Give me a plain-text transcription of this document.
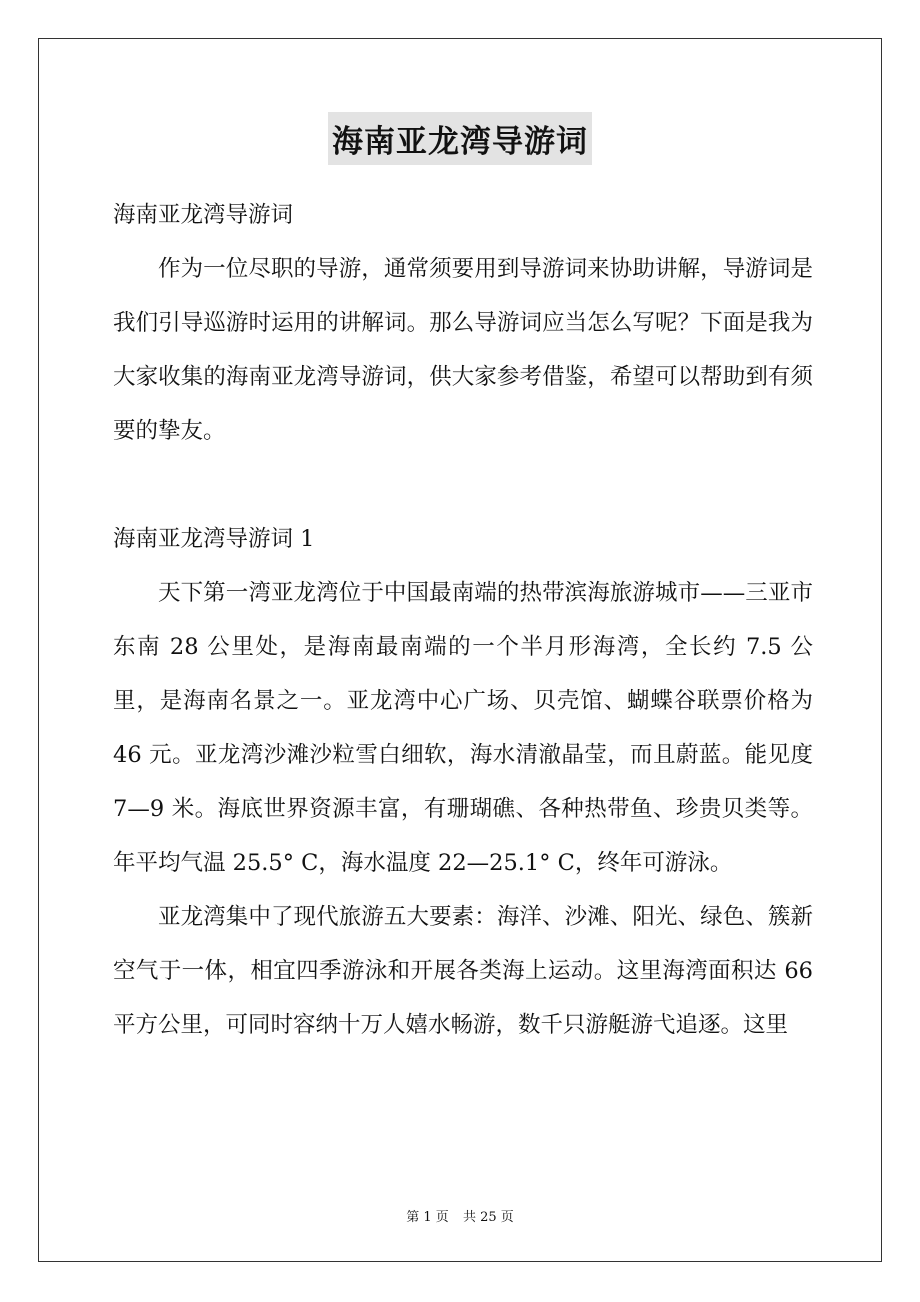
海南亚龙湾导游词

海南亚龙湾导游词

作为一位尽职的导游，通常须要用到导游词来协助讲解，导游词是我们引导巡游时运用的讲解词。那么导游词应当怎么写呢？下面是我为大家收集的海南亚龙湾导游词，供大家参考借鉴，希望可以帮助到有须要的挚友。

海南亚龙湾导游词 1

天下第一湾亚龙湾位于中国最南端的热带滨海旅游城市——三亚市东南 28 公里处，是海南最南端的一个半月形海湾，全长约 7.5 公里，是海南名景之一。亚龙湾中心广场、贝壳馆、蝴蝶谷联票价格为 46 元。亚龙湾沙滩沙粒雪白细软，海水清澈晶莹，而且蔚蓝。能见度 7—9 米。海底世界资源丰富，有珊瑚礁、各种热带鱼、珍贵贝类等。年平均气温 25.5° C，海水温度 22—25.1° C，终年可游泳。

亚龙湾集中了现代旅游五大要素：海洋、沙滩、阳光、绿色、簇新空气于一体，相宜四季游泳和开展各类海上运动。这里海湾面积达 66 平方公里，可同时容纳十万人嬉水畅游，数千只游艇游弋追逐。这里

第 1 页 共 25 页
